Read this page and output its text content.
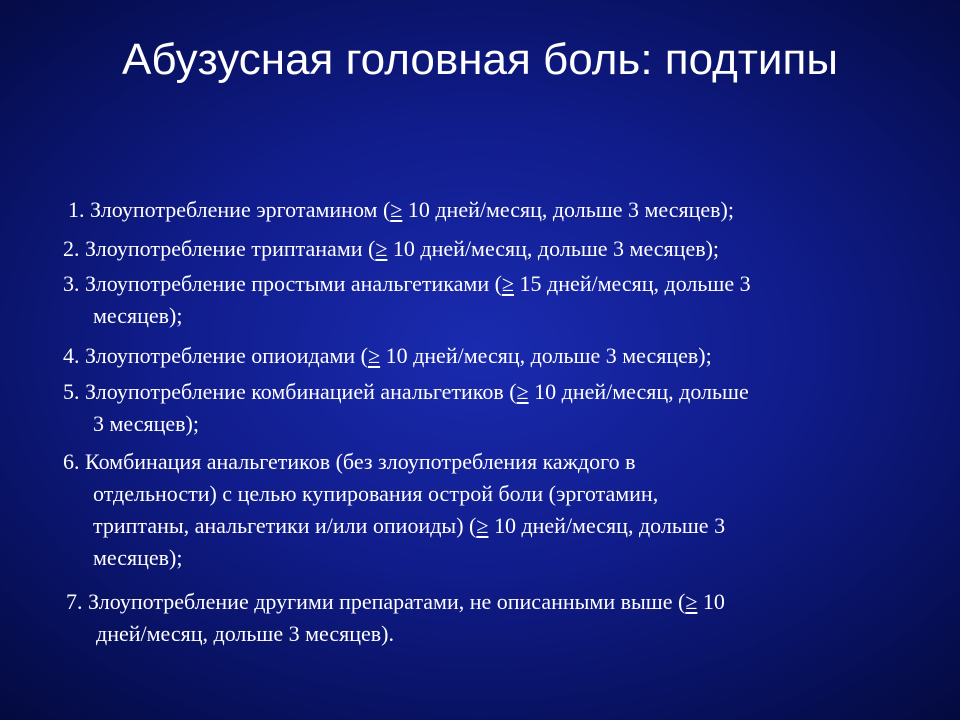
Абузусная головная боль: подтипы
1. Злоупотребление эрготамином (≥ 10 дней/месяц, дольше 3 месяцев);
2. Злоупотребление триптанами (≥ 10 дней/месяц, дольше 3 месяцев);
3. Злоупотребление простыми анальгетиками (≥ 15 дней/месяц, дольше 3
месяцев);
4. Злоупотребление опиоидами (≥ 10 дней/месяц, дольше 3 месяцев);
5. Злоупотребление комбинацией анальгетиков (≥ 10 дней/месяц, дольше
3 месяцев);
6. Комбинация анальгетиков (без злоупотребления каждого в
отдельности) с целью купирования острой боли (эрготамин,
триптаны, анальгетики и/или опиоиды) (≥ 10 дней/месяц, дольше 3
месяцев);
7. Злоупотребление другими препаратами, не описанными выше (≥ 10
дней/месяц, дольше 3 месяцев).
